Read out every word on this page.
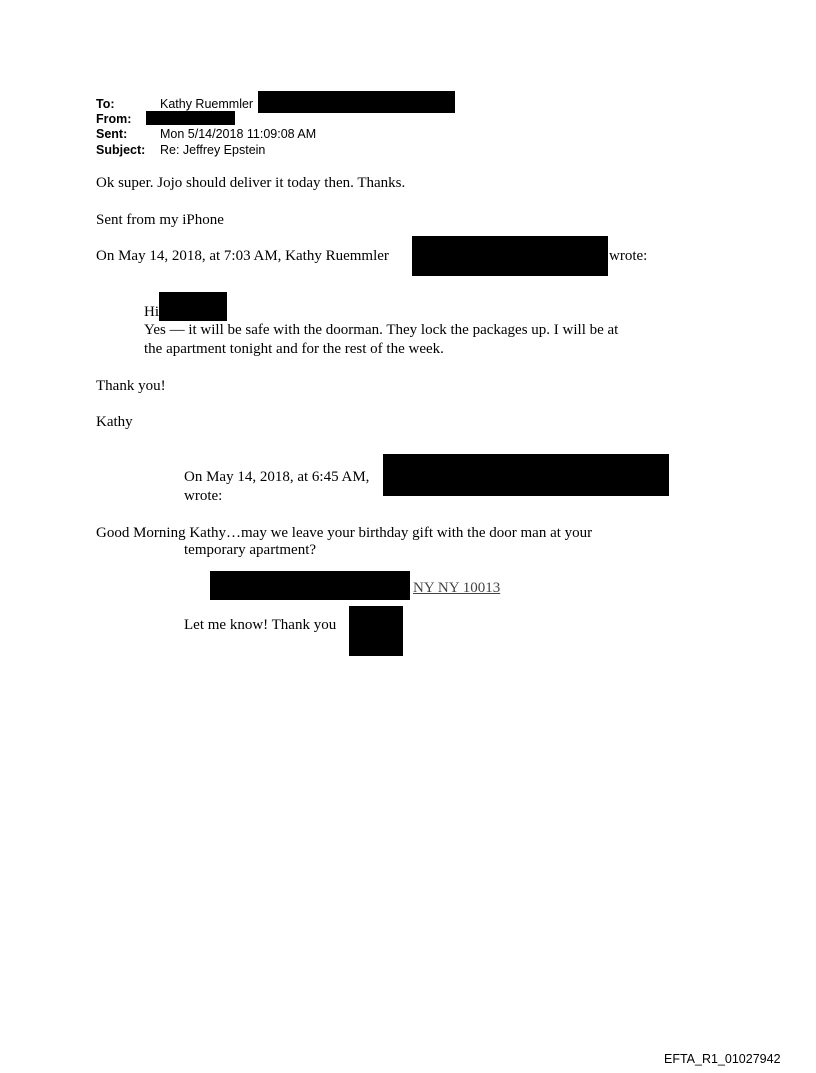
To:	Kathy Ruemmler
From:
Sent:	Mon 5/14/2018 11:09:08 AM
Subject: Re: Jeffrey Epstein
Ok super. Jojo should deliver it today then. Thanks.
Sent from my iPhone
On May 14, 2018, at 7:03 AM, Kathy Ruemmler	wrote:
Hi
Yes — it will be safe with the doorman. They lock the packages up. I will be at
the apartment tonight and for the rest of the week.
Thank you!
Kathy
On May 14, 2018, at 6:45 AM,
wrote:
Good Morning Kathy…may we leave your birthday gift with the door man at your
temporary apartment?
NY NY 10013
Let me know! Thank you
EFTA_R1_01027942
